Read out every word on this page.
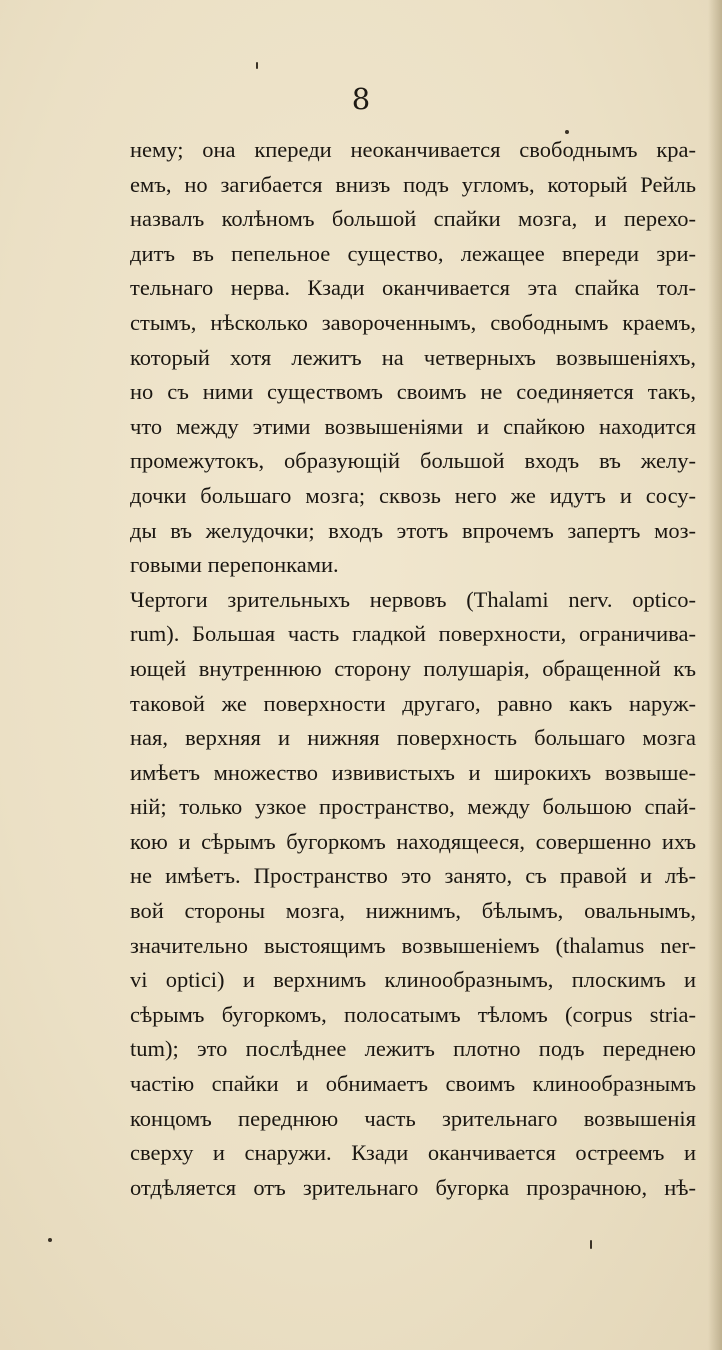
8
нему; она кпереди неоканчивается свободнымъ кра-
емъ, но загибается внизъ подъ угломъ, который Рейль
назвалъ колѣномъ большой спайки мозга, и перехо-
дитъ въ пепельное существо, лежащее впереди зри-
тельнаго нерва. Кзади оканчивается эта спайка тол-
стымъ, нѣсколько завороченнымъ, свободнымъ краемъ,
который хотя лежитъ на четверныхъ возвышеніяхъ,
но съ ними существомъ своимъ не соединяется такъ,
что между этими возвышеніями и спайкою находится
промежутокъ, образующій большой входъ въ желу-
дочки большаго мозга; сквозь него же идутъ и сосу-
ды въ желудочки; входъ этотъ впрочемъ запертъ моз-
говыми перепонками.
Чертоги зрительныхъ нервовъ (Thalami nerv. optico-
rum). Большая часть гладкой поверхности, ограничива-
ющей внутреннюю сторону полушарія, обращенной къ
таковой же поверхности другаго, равно какъ наруж-
ная, верхняя и нижняя поверхность большаго мозга
имѣетъ множество извивистыхъ и широкихъ возвыше-
ній; только узкое пространство, между большою спай-
кою и сѣрымъ бугоркомъ находящееся, совершенно ихъ
не имѣетъ. Пространство это занято, съ правой и лѣ-
вой стороны мозга, нижнимъ, бѣлымъ, овальнымъ,
значительно выстоящимъ возвышеніемъ (thalamus ner-
vi optici) и верхнимъ клинообразнымъ, плоскимъ и
сѣрымъ бугоркомъ, полосатымъ тѣломъ (corpus stria-
tum); это послѣднее лежитъ плотно подъ переднею
частію спайки и обнимаетъ своимъ клинообразнымъ
концомъ переднюю часть зрительнаго возвышенія
сверху и снаружи. Кзади оканчивается остреемъ и
отдѣляется отъ зрительнаго бугорка прозрачною, нѣ-
